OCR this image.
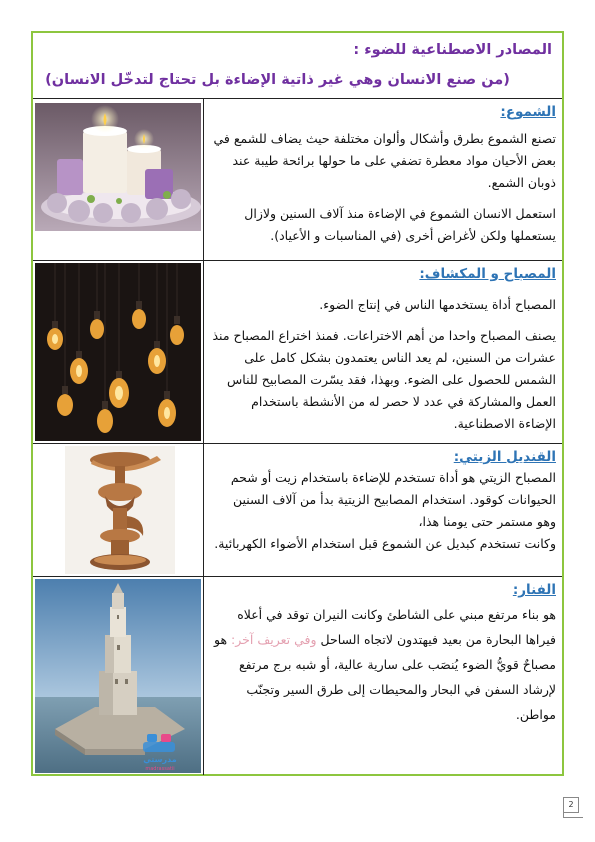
المصادر الاصطناعية للضوء :
(من صنع الانسان وهي غير ذاتية الإضاءة بل تحتاج لتدخّل الانسان)
الشموع:
تصنع الشموع بطرق وأشكال وألوان مختلفة حيث يضاف للشمع في بعض الأحيان مواد معطرة تضفي على ما حولها برائحة طيبة عند ذوبان الشمع.
استعمل الانسان الشموع في الإضاءة منذ آلاف السنين ولازال يستعملها ولكن لأغراض أخرى (في المناسبات و الأعياد).
المصباح و المكشاف:
المصباح أداة يستخدمها الناس في إنتاج الضوء.
يصنف المصباح واحدا من أهم الاختراعات. فمنذ اختراع المصباح منذ عشرات من السنين، لم يعد الناس يعتمدون بشكل كامل على الشمس للحصول على الضوء. وبهذا، فقد يسّرت المصابيح للناس العمل والمشاركة في عدد لا حصر له من الأنشطة باستخدام الإضاءة الاصطناعية.
القنديل الزيتي:
المصباح الزيتي هو أداة تستخدم للإضاءة باستخدام زيت أو شحم الحيوانات كوقود. استخدام المصابيح الزيتية بدأ من آلاف السنين وهو مستمر حتى يومنا هذا،
وكانت تستخدم كبديل عن الشموع قبل استخدام الأضواء الكهربائية.
الفنار:
هو بناء مرتفع مبني على الشاطئ وكانت النيران توقد في أعلاه فيراها البحارة من بعيد فيهتدون لاتجاه الساحل وفي تعريف آخر: هو مصباحٌ قويُّ الضوء يُنصَب على سارية عالية، أو شبه برج مرتفع لإرشاد السفن في البحار والمحيطات إلى طرق السير وتجنّب مواطن.
مدرستي
madrassatii
2
